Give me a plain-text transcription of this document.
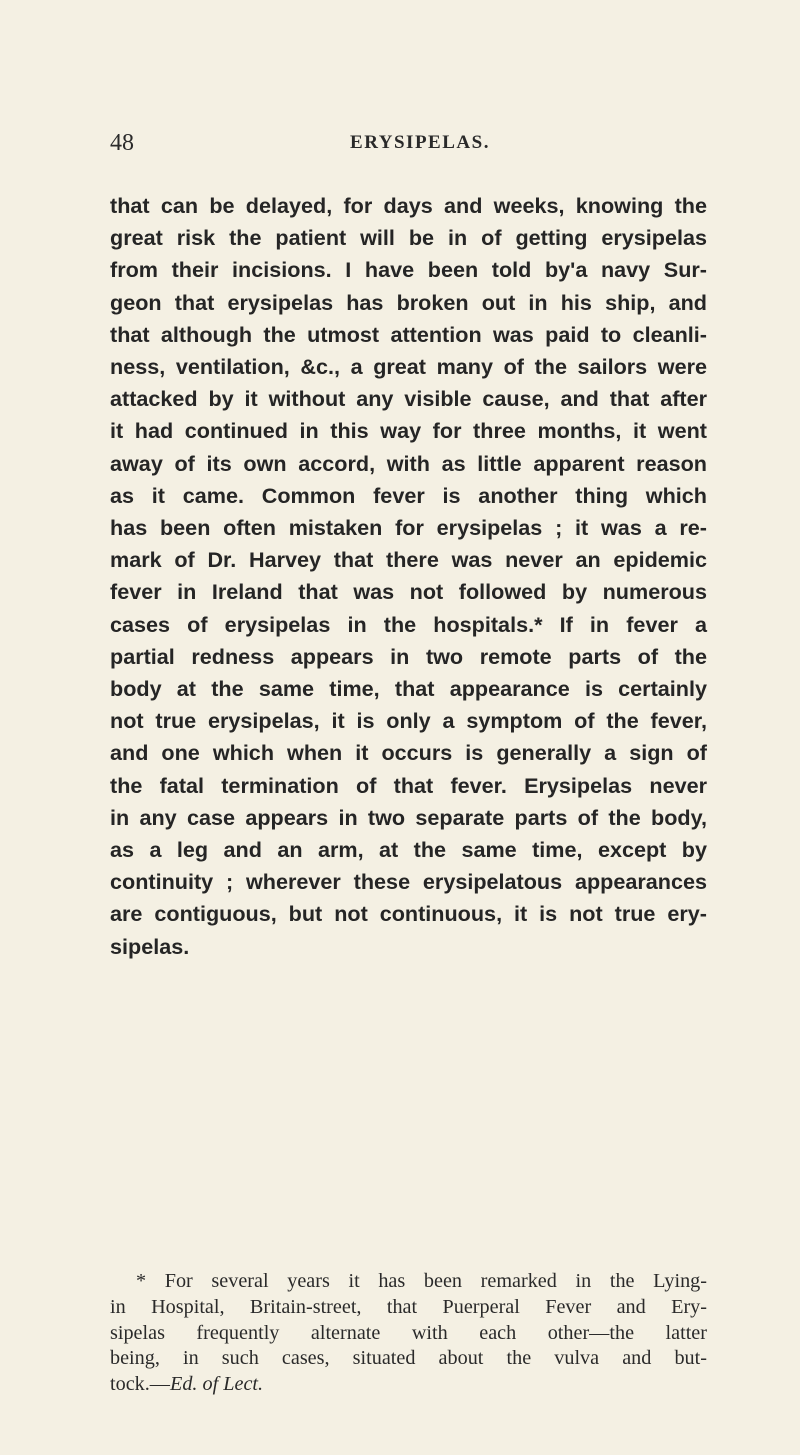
48	ERYSIPELAS.

that can be delayed, for days and weeks, knowing the
great risk the patient will be in of getting erysipelas
from their incisions. I have been told by'a navy Sur-
geon that erysipelas has broken out in his ship, and
that although the utmost attention was paid to cleanli-
ness, ventilation, &c., a great many of the sailors were
attacked by it without any visible cause, and that after
it had continued in this way for three months, it went
away of its own accord, with as little apparent reason
as it came. Common fever is another thing which
has been often mistaken for erysipelas ; it was a re-
mark of Dr. Harvey that there was never an epidemic
fever in Ireland that was not followed by numerous
cases of erysipelas in the hospitals.* If in fever a
partial redness appears in two remote parts of the
body at the same time, that appearance is certainly
not true erysipelas, it is only a symptom of the fever,
and one which when it occurs is generally a sign of
the fatal termination of that fever. Erysipelas never
in any case appears in two separate parts of the body,
as a leg and an arm, at the same time, except by
continuity ; wherever these erysipelatous appearances
are contiguous, but not continuous, it is not true ery-
sipelas.

* For several years it has been remarked in the Lying-
in Hospital, Britain-street, that Puerperal Fever and Ery-
sipelas frequently alternate with each other—the latter
being, in such cases, situated about the vulva and but-
tock.—Ed. of Lect.
